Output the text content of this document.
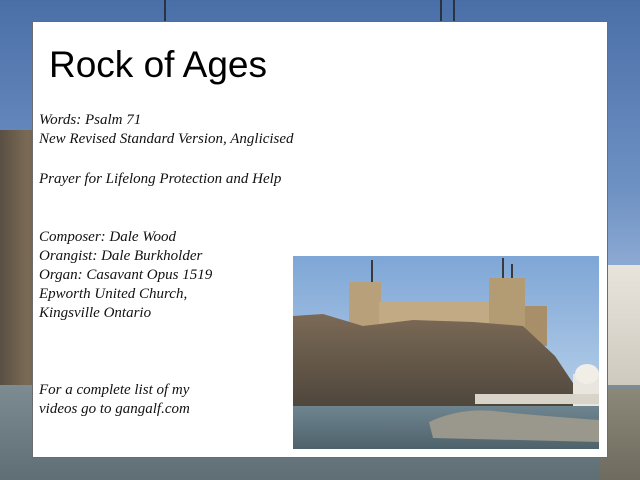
Rock of Ages

Words: Psalm 71

New Revised Standard Version, Anglicised

Prayer for Lifelong Protection and Help

Composer: Dale Wood

Orangist: Dale Burkholder

Organ: Casavant Opus 1519

Epworth United Church,

Kingsville Ontario

For a complete list of my

videos go to gangalf.com
